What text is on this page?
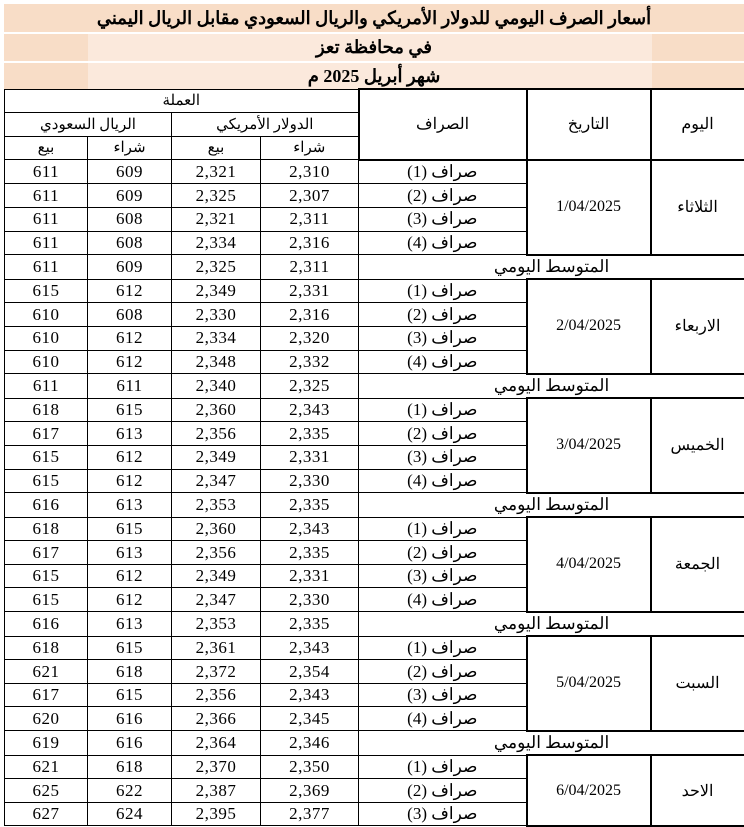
أسعار الصرف اليومي للدولار الأمريكي والريال السعودي مقابل الريال اليمني
في محافظة تعز
شهر أبريل 2025 م
العملة				الصراف	التاريخ	اليوم
الريال السعودي		الدولار الأمريكي				
بيع	شراء	بيع	شراء			
611	609	2,321	2,310	صراف (1)	1/04/2025	الثلاثاء
611	609	2,325	2,307	صراف (2)		
611	608	2,321	2,311	صراف (3)		
611	608	2,334	2,316	صراف (4)		
611	609	2,325	2,311	المتوسط اليومي		
615	612	2,349	2,331	صراف (1)	2/04/2025	الاربعاء
610	608	2,330	2,316	صراف (2)		
610	612	2,334	2,320	صراف (3)		
610	612	2,348	2,332	صراف (4)		
611	611	2,340	2,325	المتوسط اليومي		
618	615	2,360	2,343	صراف (1)	3/04/2025	الخميس
617	613	2,356	2,335	صراف (2)		
615	612	2,349	2,331	صراف (3)		
615	612	2,347	2,330	صراف (4)		
616	613	2,353	2,335	المتوسط اليومي		
618	615	2,360	2,343	صراف (1)	4/04/2025	الجمعة
617	613	2,356	2,335	صراف (2)		
615	612	2,349	2,331	صراف (3)		
615	612	2,347	2,330	صراف (4)		
616	613	2,353	2,335	المتوسط اليومي		
618	615	2,361	2,343	صراف (1)	5/04/2025	السبت
621	618	2,372	2,354	صراف (2)		
617	615	2,356	2,343	صراف (3)		
620	616	2,366	2,345	صراف (4)		
619	616	2,364	2,346	المتوسط اليومي		
621	618	2,370	2,350	صراف (1)	6/04/2025	الاحد
625	622	2,387	2,369	صراف (2)		
627	624	2,395	2,377	صراف (3)		
